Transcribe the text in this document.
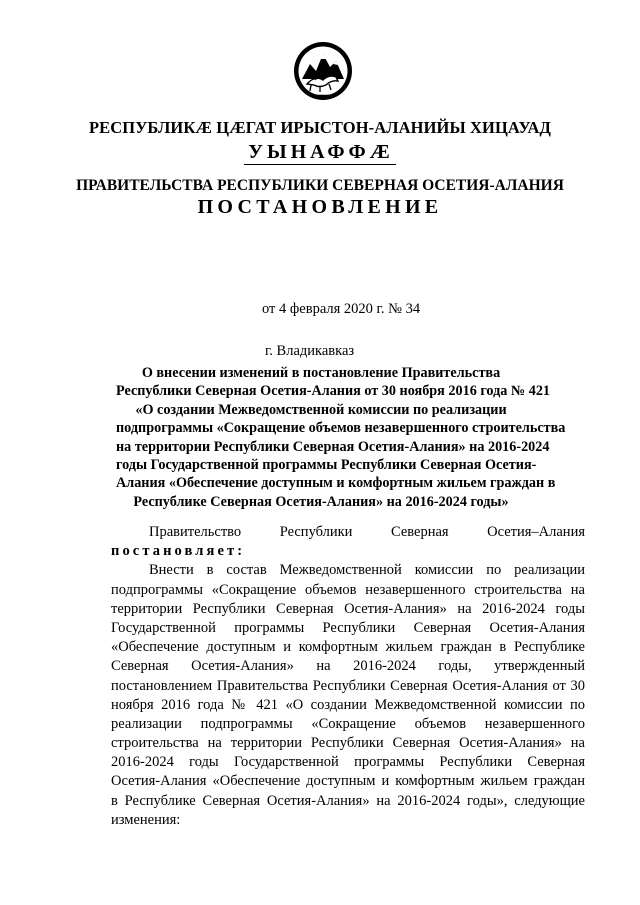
РЕСПУБЛИКӔ ЦӔГАТ ИРЫСТОН-АЛАНИЙЫ ХИЦАУАД
УЫНАФФӔ
ПРАВИТЕЛЬСТВА РЕСПУБЛИКИ СЕВЕРНАЯ ОСЕТИЯ-АЛАНИЯ
ПОСТАНОВЛЕНИЕ
от 4 февраля 2020 г. № 34
г. Владикавказ
О внесении изменений в постановление Правительства
Республики Северная Осетия-Алания от 30 ноября 2016 года № 421
«О создании Межведомственной комиссии по реализации
подпрограммы «Сокращение объемов незавершенного строительства
на территории Республики Северная Осетия-Алания» на 2016-2024
годы Государственной программы Республики Северная Осетия-
Алания «Обеспечение доступным и комфортным жильем граждан в
Республике Северная Осетия-Алания» на 2016-2024 годы»
Правительство Республики Северная Осетия–Алания
постановляет:
Внести в состав Межведомственной комиссии по реализации
подпрограммы «Сокращение объемов незавершенного строительства на
территории Республики Северная Осетия-Алания» на 2016-2024 годы
Государственной программы Республики Северная Осетия-Алания
«Обеспечение доступным и комфортным жильем граждан в Республике
Северная Осетия-Алания» на 2016-2024 годы, утвержденный
постановлением Правительства Республики Северная Осетия-Алания от 30
ноября 2016 года № 421 «О создании Межведомственной комиссии по
реализации подпрограммы «Сокращение объемов незавершенного
строительства на территории Республики Северная Осетия-Алания» на
2016-2024 годы Государственной программы Республики Северная
Осетия-Алания «Обеспечение доступным и комфортным жильем граждан
в Республике Северная Осетия-Алания» на 2016-2024 годы», следующие
изменения:
